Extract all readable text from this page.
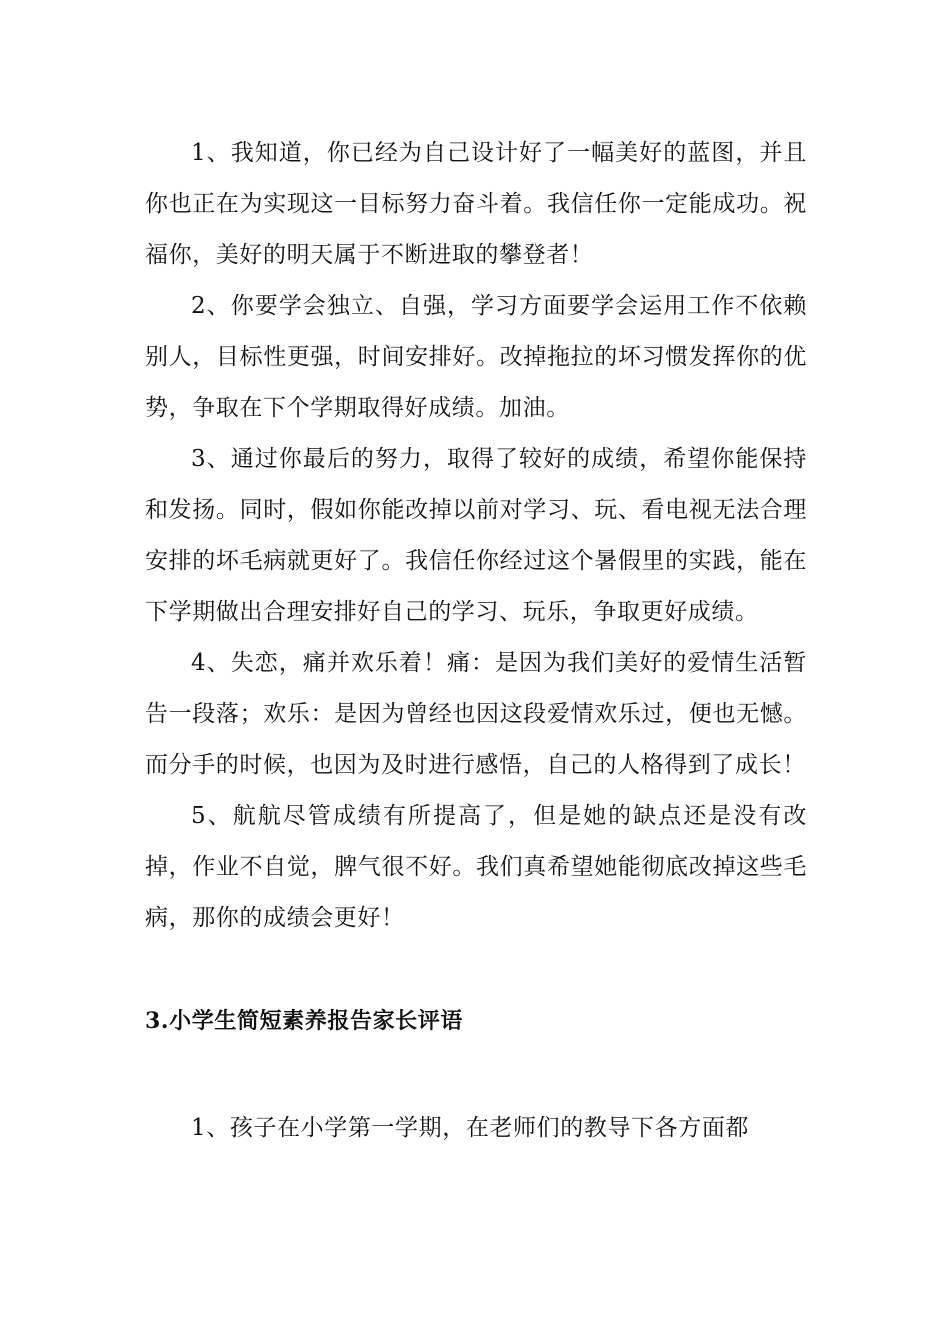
1、我知道，你已经为自己设计好了一幅美好的蓝图，并且你也正在为实现这一目标努力奋斗着。我信任你一定能成功。祝福你，美好的明天属于不断进取的攀登者！

2、你要学会独立、自强，学习方面要学会运用工作不依赖别人，目标性更强，时间安排好。改掉拖拉的坏习惯发挥你的优势，争取在下个学期取得好成绩。加油。

3、通过你最后的努力，取得了较好的成绩，希望你能保持和发扬。同时，假如你能改掉以前对学习、玩、看电视无法合理安排的坏毛病就更好了。我信任你经过这个暑假里的实践，能在下学期做出合理安排好自己的学习、玩乐，争取更好成绩。

4、失恋，痛并欢乐着！痛：是因为我们美好的爱情生活暂告一段落；欢乐：是因为曾经也因这段爱情欢乐过，便也无憾。而分手的时候，也因为及时进行感悟，自己的人格得到了成长！

5、航航尽管成绩有所提高了，但是她的缺点还是没有改掉，作业不自觉，脾气很不好。我们真希望她能彻底改掉这些毛病，那你的成绩会更好！

3.小学生简短素养报告家长评语

1、孩子在小学第一学期，在老师们的教导下各方面都
